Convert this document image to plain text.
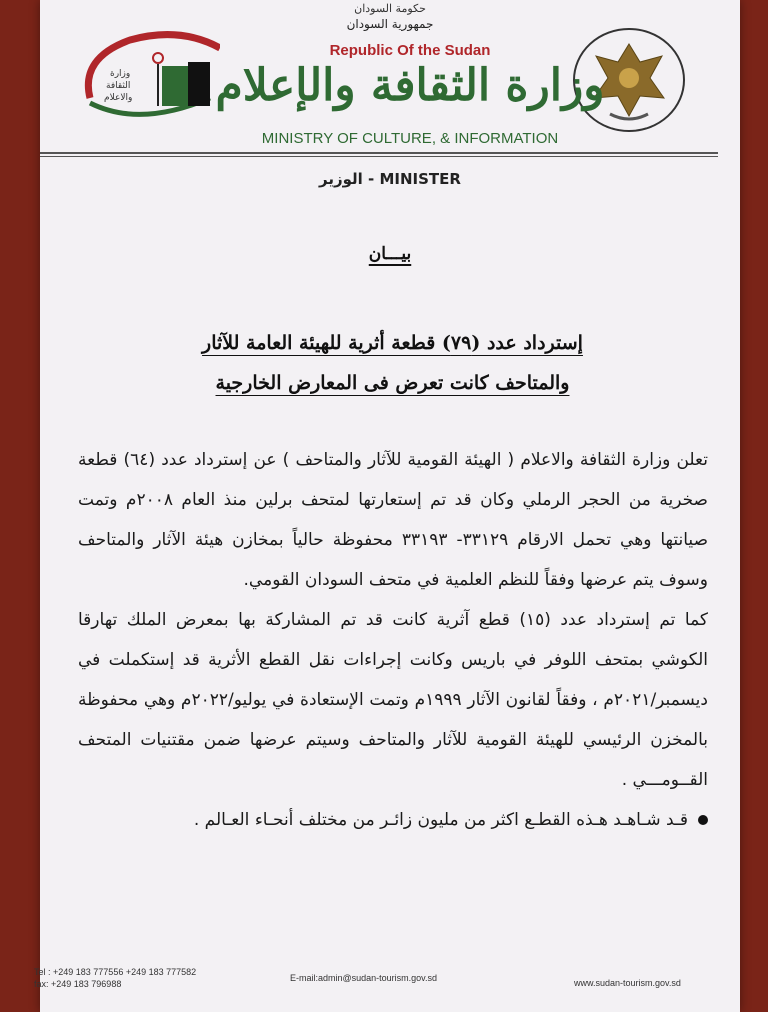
وزارة
الثقافة
والاعلام
حكومة السودان
جمهورية السودان
Republic Of the Sudan
وزارة الثقافة والإعلام
MINISTRY OF CULTURE, & INFORMATION
الوزير - MINISTER
بيـــان
إسترداد عدد (٧٩) قطعة أثرية للهيئة العامة للآثار
والمتاحف كانت تعرض فى المعارض الخارجية

تعلن وزارة الثقافة والاعلام ( الهيئة القومية للآثار والمتاحف ) عن إسترداد عدد (٦٤) قطعة صخرية من الحجر الرملي وكان قد تم إستعارتها لمتحف برلين منذ العام ٢٠٠٨م وتمت صيانتها وهي تحمل الارقام ٣٣١٢٩- ٣٣١٩٣ محفوظة حالياً بمخازن هيئة الآثار والمتاحف وسوف يتم عرضها وفقاً للنظم العلمية في متحف السودان القومي.

كما تم إسترداد عدد (١٥) قطع آثرية كانت قد تم المشاركة بها بمعرض الملك تهارقا الكوشي بمتحف اللوفر في باريس وكانت إجراءات نقل القطع الأثرية قد إستكملت في ديسمبر/٢٠٢١م ، وفقاً لقانون الآثار ١٩٩٩م وتمت الإستعادة في يوليو/٢٠٢٢م وهي محفوظة بالمخزن الرئيسي للهيئة القومية للآثار والمتاحف وسيتم عرضها ضمن مقتنيات المتحف القــومـــي .

قـد شـاهـد هـذه القطـع اكثر من مليون زائـر من مختلف أنحـاء العـالم .

Tel : +249 183 777556 +249 183 777582
fax: +249 183 796988
E-mail:admin@sudan-tourism.gov.sd	www.sudan-tourism.gov.sd
